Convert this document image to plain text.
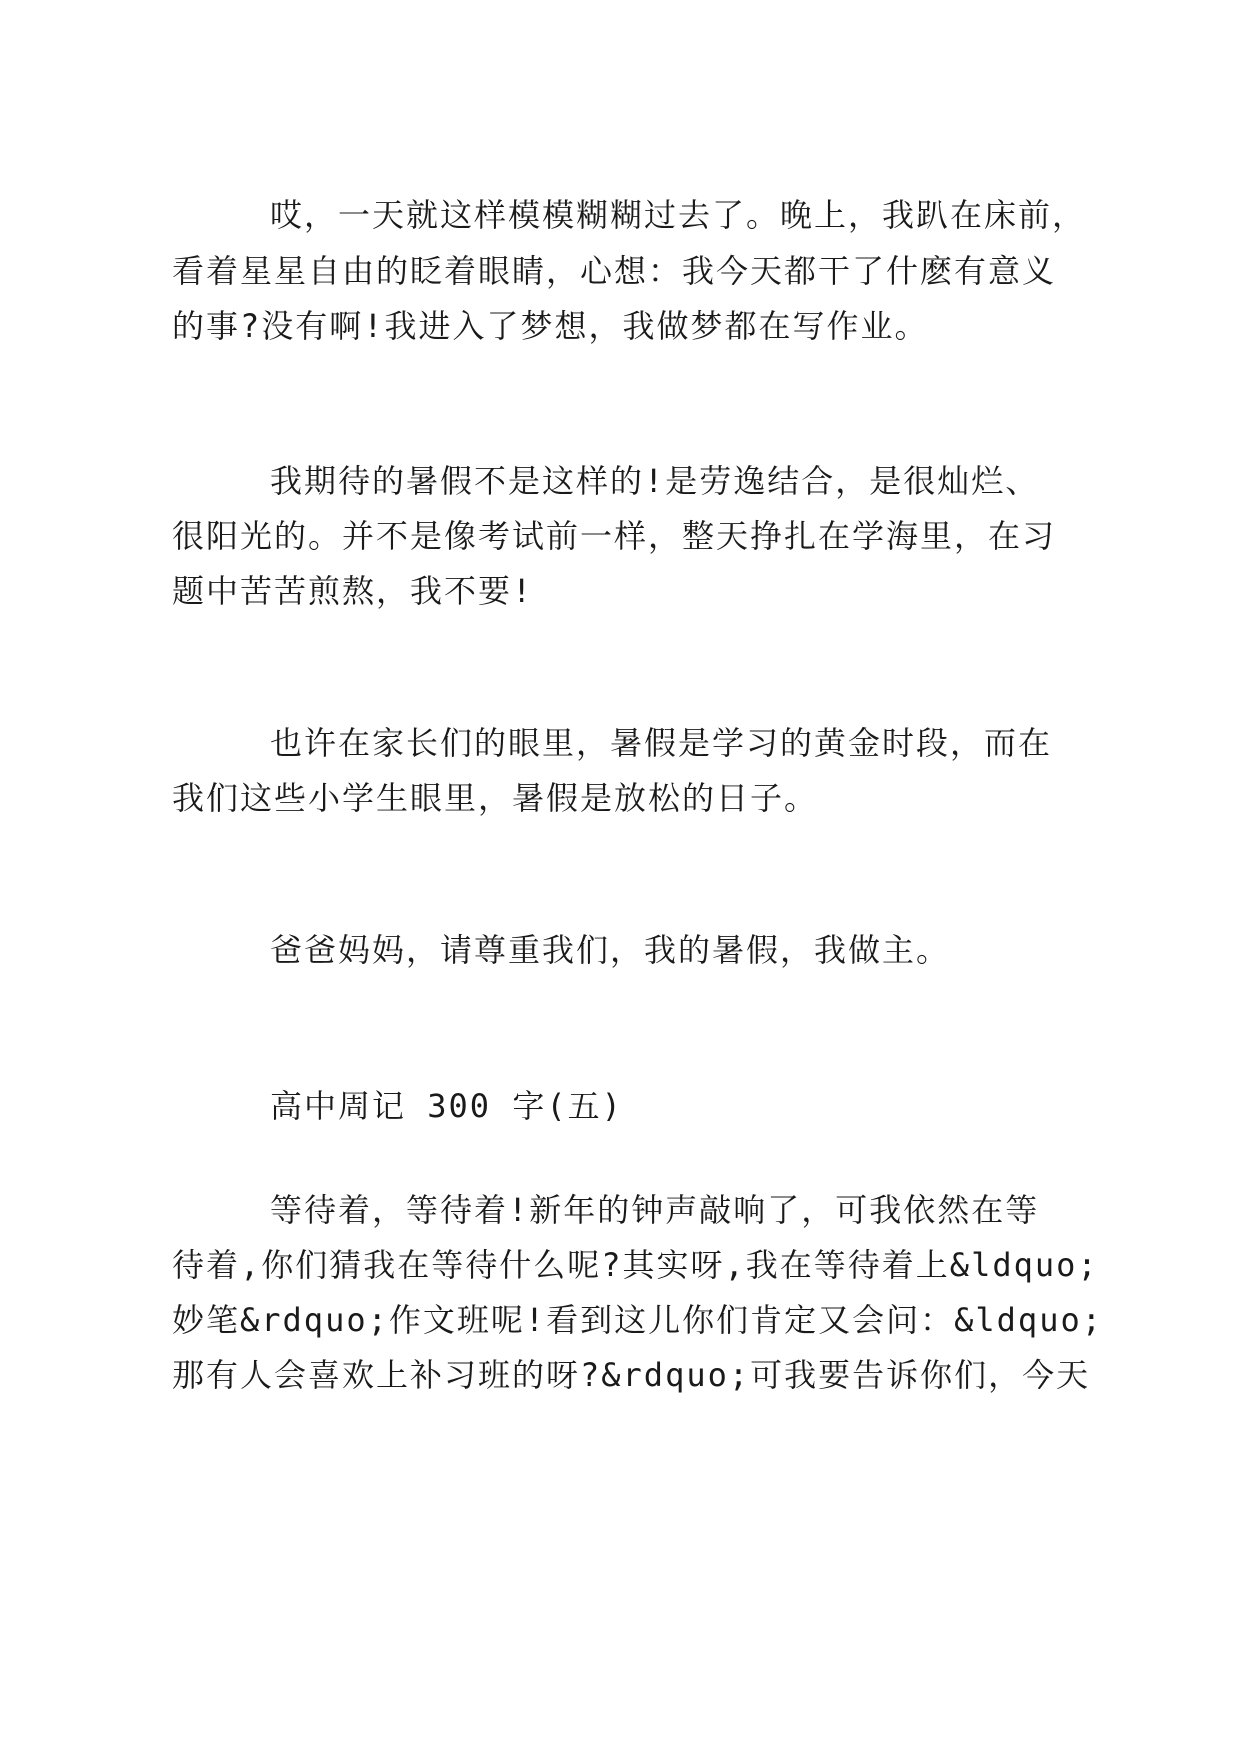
哎，一天就这样模模糊糊过去了。晚上，我趴在床前，
看着星星自由的眨着眼睛，心想：我今天都干了什麽有意义
的事?没有啊!我进入了梦想，我做梦都在写作业。
我期待的暑假不是这样的!是劳逸结合，是很灿烂、
很阳光的。并不是像考试前一样，整天挣扎在学海里，在习
题中苦苦煎熬，我不要!
也许在家长们的眼里，暑假是学习的黄金时段，而在
我们这些小学生眼里，暑假是放松的日子。
爸爸妈妈，请尊重我们，我的暑假，我做主。
高中周记 300 字(五)
等待着，等待着!新年的钟声敲响了，可我依然在等
待着,你们猜我在等待什么呢?其实呀,我在等待着上&ldquo;
妙笔&rdquo;作文班呢!看到这儿你们肯定又会问：&ldquo;
那有人会喜欢上补习班的呀?&rdquo;可我要告诉你们，今天
